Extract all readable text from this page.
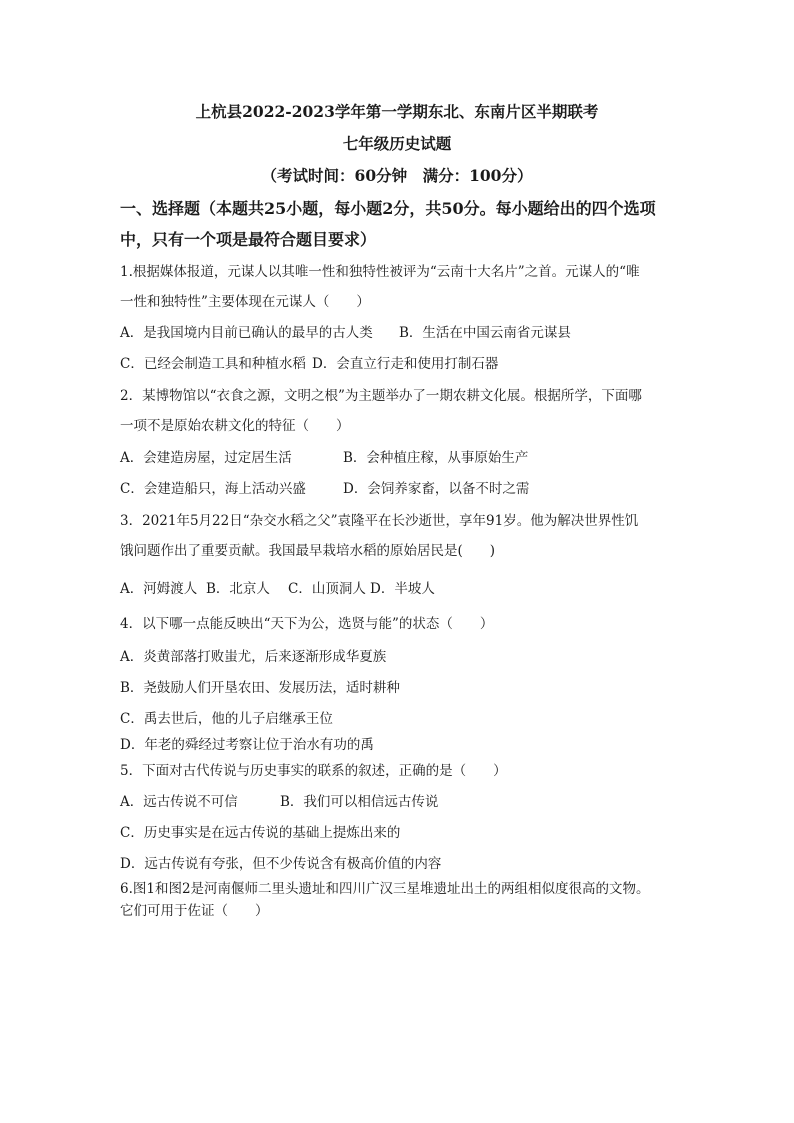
上杭县2022-2023学年第一学期东北、东南片区半期联考
七年级历史试题
（考试时间：60分钟　满分：100分）
一、选择题（本题共25小题，每小题2分，共50分。每小题给出的四个选项
中，只有一个项是最符合题目要求）
1.根据媒体报道，元谋人以其唯一性和独特性被评为“云南十大名片”之首。元谋人的“唯
一性和独特性”主要体现在元谋人（　　）
A．是我国境内目前已确认的最早的古人类 B．生活在中国云南省元谋县
C．已经会制造工具和种植水稻 D．会直立行走和使用打制石器
2．某博物馆以“衣食之源，文明之根”为主题举办了一期农耕文化展。根据所学，下面哪
一项不是原始农耕文化的特征（　　）
A．会建造房屋，过定居生活	B．会种植庄稼，从事原始生产
C．会建造船只，海上活动兴盛	D．会饲养家畜，以备不时之需
3．2021年5月22日“杂交水稻之父”袁隆平在长沙逝世，享年91岁。他为解决世界性饥
饿问题作出了重要贡献。我国最早栽培水稻的原始居民是(　　)
A．河姆渡人 B．北京人 C．山顶洞人 D．半坡人
4．以下哪一点能反映出“天下为公，选贤与能”的状态（　　）
A．炎黄部落打败蚩尤，后来逐渐形成华夏族
B．尧鼓励人们开垦农田、发展历法，适时耕种
C．禹去世后，他的儿子启继承王位
D．年老的舜经过考察让位于治水有功的禹
5．下面对古代传说与历史事实的联系的叙述，正确的是（　　）
A．远古传说不可信	B．我们可以相信远古传说
C．历史事实是在远古传说的基础上提炼出来的
D．远古传说有夸张，但不少传说含有极高价值的内容
6.图1和图2是河南偃师二里头遗址和四川广汉三星堆遗址出土的两组相似度很高的文物。
它们可用于佐证（　　）
